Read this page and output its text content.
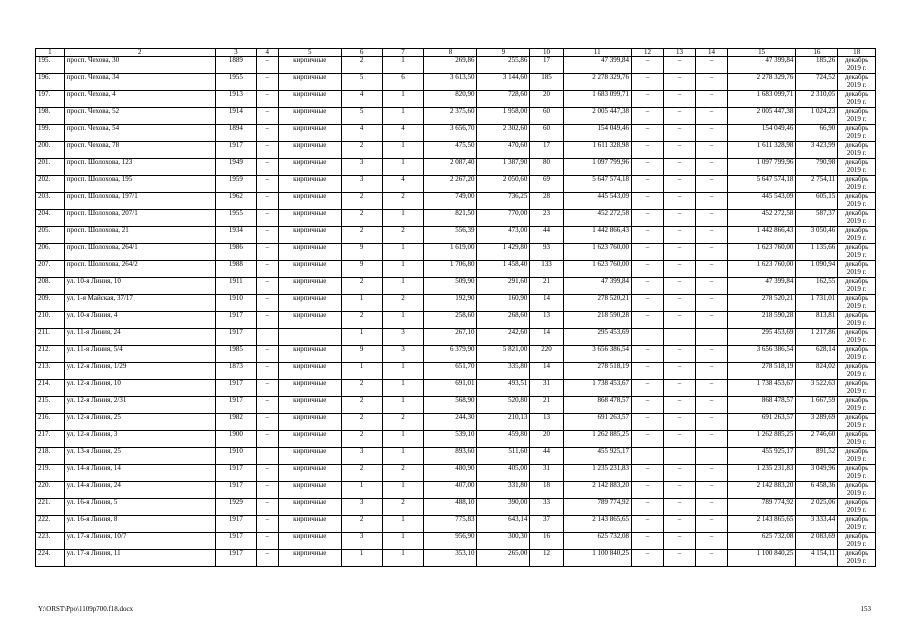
1	2	3	4	5	6	7	8	9	10	11	12	13	14	15	16	18
195.	просп. Чехова, 30	1889	–	кирпичные	2	1	269,86	255,86	17	47 399,84	–	–	–	47 399,84	185,26	декабрь 2019 г.
196.	просп. Чехова, 34	1955	–	кирпичные	5	6	3 613,50	3 144,60	185	2 278 329,76	–	–	–	2 278 329,76	724,52	декабрь 2019 г.
197.	просп. Чехова, 4	1913	–	кирпичные	4	1	820,90	728,60	20	1 683 099,71	–	–	–	1 683 099,71	2 310,05	декабрь 2019 г.
198.	просп. Чехова, 52	1914	–	кирпичные	5	1	2 375,60	1 958,00	60	2 005 447,38	–	–	–	2 005 447,38	1 024,23	декабрь 2019 г.
199.	просп. Чехова, 54	1894	–	кирпичные	4	4	3 656,70	2 302,60	60	154 049,46	–	–	–	154 049,46	66,90	декабрь 2019 г.
200.	просп. Чехова, 78	1917	–	кирпичные	2	1	475,50	470,60	17	1 611 328,98	–	–	–	1 611 328,98	3 423,99	декабрь 2019 г.
201.	просп. Шолохова, 123	1949	–	кирпичные	3	1	2 087,40	1 387,90	80	1 097 799,96	–	–	–	1 097 799,96	790,98	декабрь 2019 г.
202.	просп. Шолохова, 195	1959	–	кирпичные	3	4	2 267,20	2 050,60	69	5 647 574,18	–	–	–	5 647 574,18	2 754,11	декабрь 2019 г.
203.	просп. Шолохова, 197/1	1962	–	кирпичные	2	2	749,00	736,25	28	445 543,09	–	–	–	445 543,09	605,15	декабрь 2019 г.
204.	просп. Шолохова, 207/1	1955	–	кирпичные	2	1	821,50	770,00	23	452 272,58	–	–	–	452 272,58	587,37	декабрь 2019 г.
205.	просп. Шолохова, 21	1934	–	кирпичные	2	2	556,39	473,00	44	1 442 866,43	–	–	–	1 442 866,43	3 050,46	декабрь 2019 г.
206.	просп. Шолохова, 264/1	1986	–	кирпичные	9	1	1 619,00	1 429,80	93	1 623 760,00	–	–	–	1 623 760,00	1 135,66	декабрь 2019 г.
207.	просп. Шолохова, 264/2	1988	–	кирпичные	9	1	1 706,80	1 458,40	133	1 623 760,00	–	–	–	1 623 760,00	1 090,94	декабрь 2019 г.
208.	ул. 10-я Линия, 10	1911	–	кирпичные	2	1	509,90	291,60	21	47 399,84	–	–	–	47 399,84	162,55	декабрь 2019 г.
209.	ул. 1-я Майская, 37/17	1910	–	кирпичные	1	2	192,90	160,90	14	278 520,21	–	–	–	278 520,21	1 731,01	декабрь 2019 г.
210.	ул. 10-я Линия, 4	1917	–	кирпичные	2	1	258,60	268,60	13	218 590,28	–	–	–	218 590,28	813,81	декабрь 2019 г.
211.	ул. 11-я Линия, 24	1917			1	3	267,10	242,60	14	295 453,69				295 453,69	1 217,86	декабрь 2019 г.
212.	ул. 11-я Линия, 5/4	1985	–	кирпичные	9	3	6 379,90	5 821,00	220	3 656 386,54	–	–	–	3 656 386,54	628,14	декабрь 2019 г.
213.	ул. 12-я Линия, 1/29	1873	–	кирпичные	1	1	651,70	335,80	14	278 518,19	–	–	–	278 518,19	824,02	декабрь 2019 г.
214.	ул. 12-я Линия, 10	1917	–	кирпичные	2	1	691,01	493,51	31	1 738 453,67	–	–	–	1 738 453,67	3 522,63	декабрь 2019 г.
215.	ул. 12-я Линия, 2/31	1917	–	кирпичные	2	1	568,90	520,80	21	868 478,57	–	–	–	868 478,57	1 667,59	декабрь 2019 г.
216.	ул. 12-я Линия, 25	1982	–	кирпичные	2	2	244,30	210,13	13	691 263,57	–	–	–	691 263,57	3 289,69	декабрь 2019 г.
217.	ул. 12-я Линия, 3	1900	–	кирпичные	2	1	539,10	459,80	20	1 262 885,25	–	–	–	1 262 885,25	2 746,60	декабрь 2019 г.
218.	ул. 13-я Линия, 25	1910		кирпичные	3	1	893,60	511,60	44	455 925,17				455 925,17	891,52	декабрь 2019 г.
219.	ул. 14-я Линия, 14	1917	–	кирпичные	2	2	480,90	405,00	31	1 235 231,83	–	–	–	1 235 231,83	3 049,96	декабрь 2019 г.
220.	ул. 14-я Линия, 24	1917	–	кирпичные	1	1	407,00	331,80	18	2 142 883,20	–	–	–	2 142 883,20	6 458,36	декабрь 2019 г.
221.	ул. 16-я Линия, 5	1929	–	кирпичные	3	2	488,10	390,00	33	789 774,92	–	–	–	789 774,92	2 025,06	декабрь 2019 г.
222.	ул. 16-я Линия, 8	1917	–	кирпичные	2	1	775,83	643,14	37	2 143 865,65	–	–	–	2 143 865,65	3 333,44	декабрь 2019 г.
223.	ул. 17-я Линия, 10/7	1917	–	кирпичные	3	1	956,90	300,30	16	625 732,08	–	–	–	625 732,08	2 083,69	декабрь 2019 г.
224.	ул. 17-я Линия, 11	1917	–	кирпичные	1	1	353,10	265,00	12	1 100 840,25	–	–	–	1 100 840,25	4 154,11	декабрь 2019 г.
Y:\ORST\Ppo\1109p700.f18.docx	153
